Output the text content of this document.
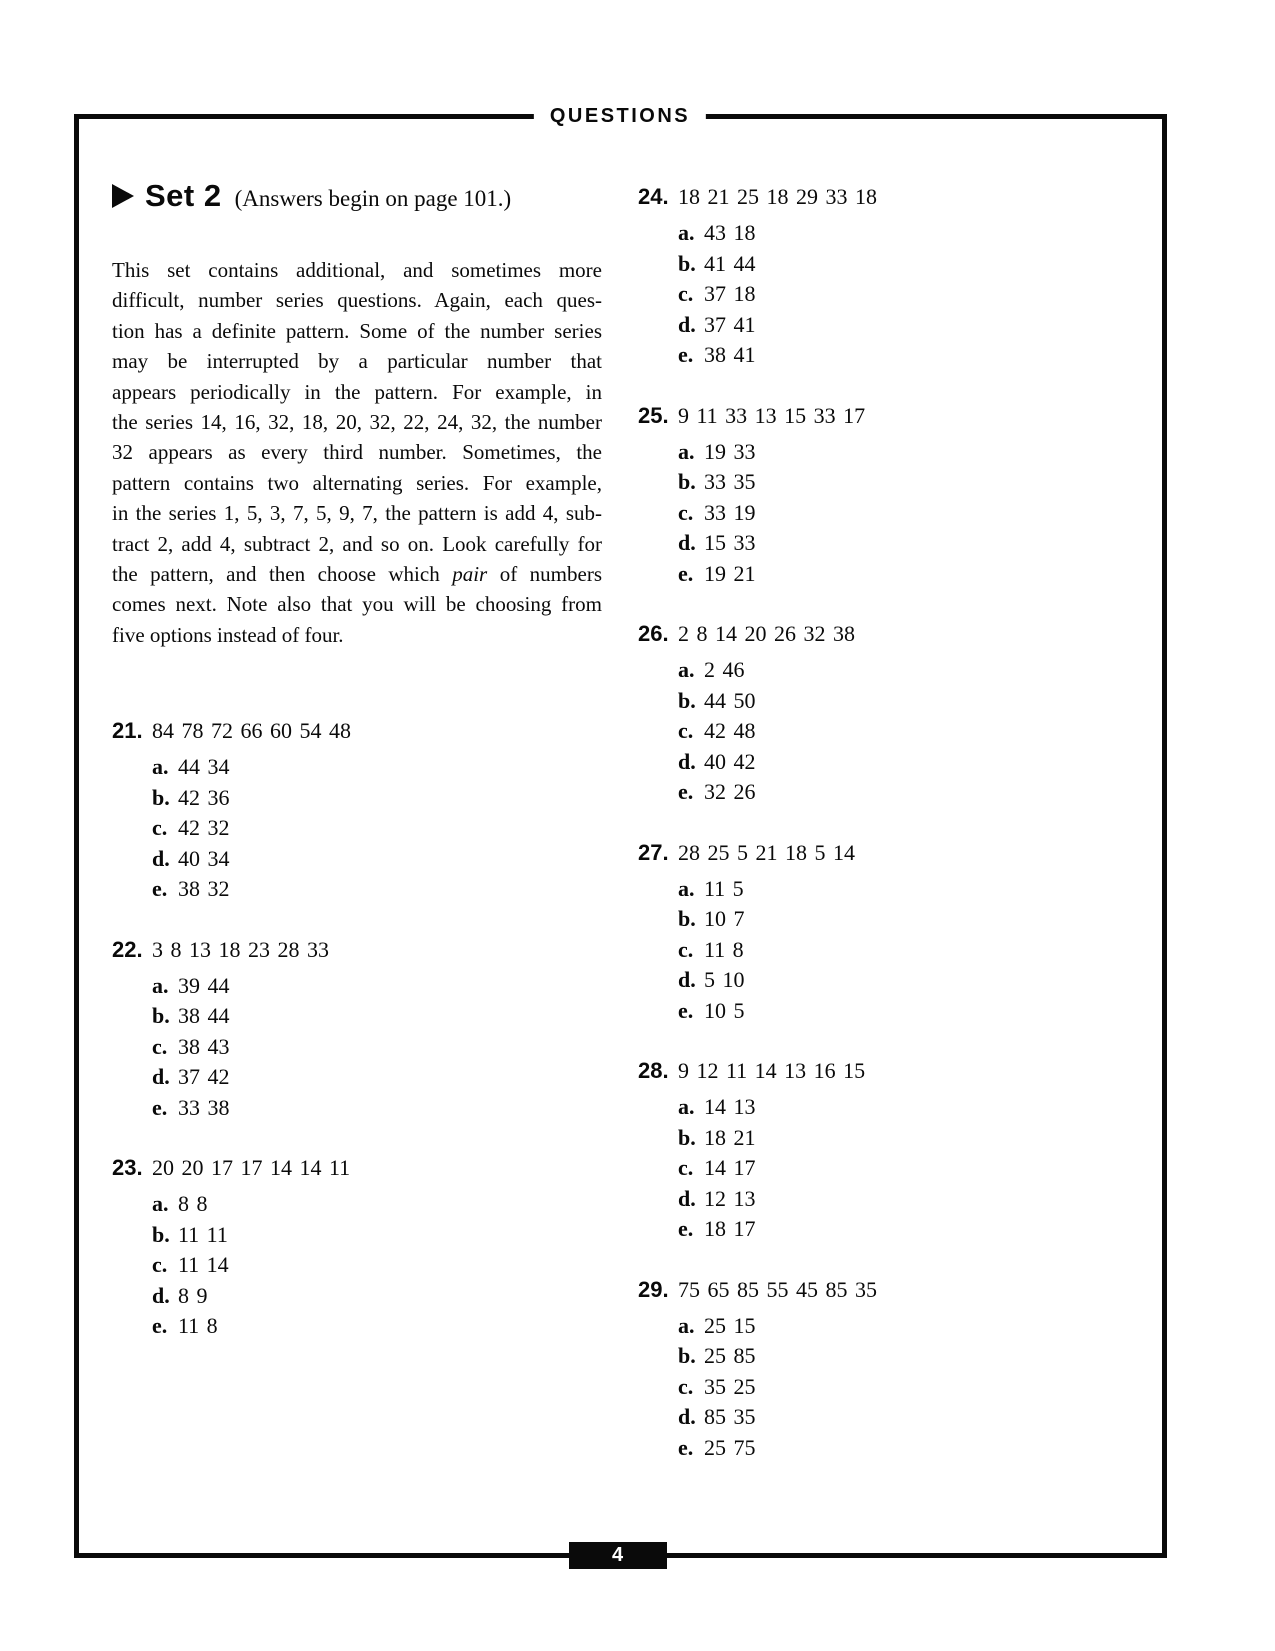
QUESTIONS
Set 2 (Answers begin on page 101.)
This set contains additional, and sometimes more
difficult, number series questions. Again, each ques-
tion has a definite pattern. Some of the number series
may be interrupted by a particular number that
appears periodically in the pattern. For example, in
the series 14, 16, 32, 18, 20, 32, 22, 24, 32, the number
32 appears as every third number. Sometimes, the
pattern contains two alternating series. For example,
in the series 1, 5, 3, 7, 5, 9, 7, the pattern is add 4, sub-
tract 2, add 4, subtract 2, and so on. Look carefully for
the pattern, and then choose which pair of numbers
comes next. Note also that you will be choosing from
five options instead of four.
21. 84 78 72 66 60 54 48
a. 44 34
b. 42 36
c. 42 32
d. 40 34
e. 38 32
22. 3 8 13 18 23 28 33
a. 39 44
b. 38 44
c. 38 43
d. 37 42
e. 33 38
23. 20 20 17 17 14 14 11
a. 8 8
b. 11 11
c. 11 14
d. 8 9
e. 11 8
24. 18 21 25 18 29 33 18
a. 43 18
b. 41 44
c. 37 18
d. 37 41
e. 38 41
25. 9 11 33 13 15 33 17
a. 19 33
b. 33 35
c. 33 19
d. 15 33
e. 19 21
26. 2 8 14 20 26 32 38
a. 2 46
b. 44 50
c. 42 48
d. 40 42
e. 32 26
27. 28 25 5 21 18 5 14
a. 11 5
b. 10 7
c. 11 8
d. 5 10
e. 10 5
28. 9 12 11 14 13 16 15
a. 14 13
b. 18 21
c. 14 17
d. 12 13
e. 18 17
29. 75 65 85 55 45 85 35
a. 25 15
b. 25 85
c. 35 25
d. 85 35
e. 25 75
4
